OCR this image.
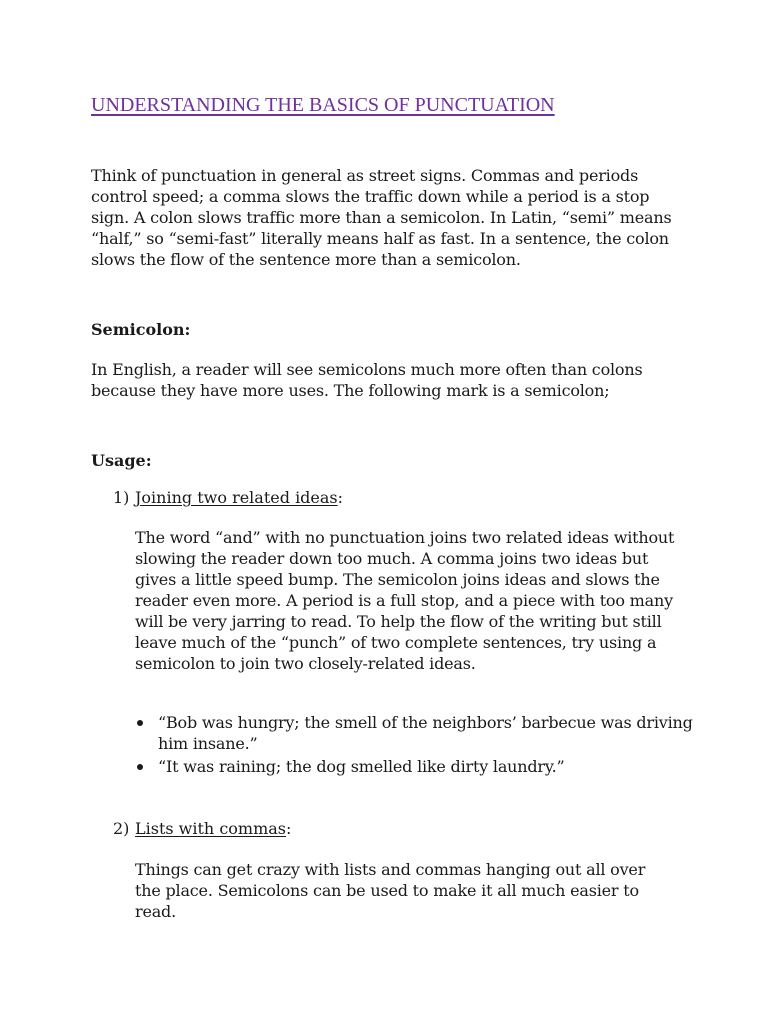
UNDERSTANDING THE BASICS OF PUNCTUATION

Think of punctuation in general as street signs. Commas and periods control speed; a comma slows the traffic down while a period is a stop sign. A colon slows traffic more than a semicolon. In Latin, “semi” means “half,” so “semi-fast” literally means half as fast. In a sentence, the colon slows the flow of the sentence more than a semicolon.

Semicolon:

In English, a reader will see semicolons much more often than colons because they have more uses. The following mark is a semicolon;

Usage:
1) Joining two related ideas:

The word “and” with no punctuation joins two related ideas without slowing the reader down too much. A comma joins two ideas but gives a little speed bump. The semicolon joins ideas and slows the reader even more. A period is a full stop, and a piece with too many will be very jarring to read. To help the flow of the writing but still leave much of the “punch” of two complete sentences, try using a semicolon to join two closely-related ideas.

“Bob was hungry; the smell of the neighbors’ barbecue was driving him insane.”
“It was raining; the dog smelled like dirty laundry.”
2) Lists with commas:

Things can get crazy with lists and commas hanging out all over the place. Semicolons can be used to make it all much easier to read.
